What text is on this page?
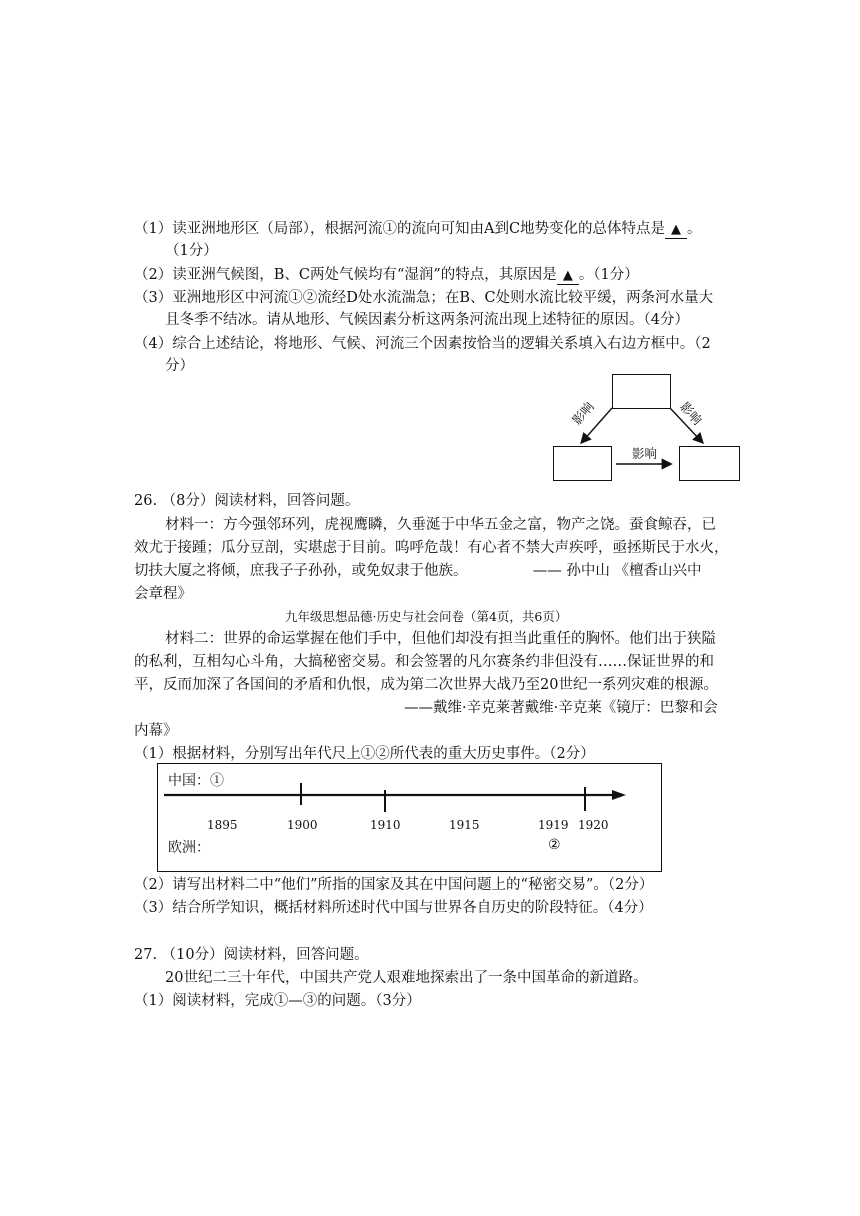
（1）读亚洲地形区（局部），根据河流①的流向可知由A到C地势变化的总体特点是 ▲ 。
（1分）
（2）读亚洲气候图，B、C两处气候均有“湿润”的特点，其原因是 ▲ 。（1分）
（3）亚洲地形区中河流①②流经D处水流湍急；在B、C处则水流比较平缓，两条河水量大
且冬季不结冰。请从地形、气候因素分析这两条河流出现上述特征的原因。（4分）
（4）综合上述结论，将地形、气候、河流三个因素按恰当的逻辑关系填入右边方框中。（2
分）
影响	影响
影响
26. （8分）阅读材料，回答问题。
材料一：方今强邻环列，虎视鹰瞵，久垂涎于中华五金之富，物产之饶。蚕食鲸吞，已
效尤于接踵；瓜分豆剖，实堪虑于目前。呜呼危哉！有心者不禁大声疾呼，亟拯斯民于水火，
切扶大厦之将倾，庶我子子孙孙，或免奴隶于他族。　　　　　—— 孙中山 《檀香山兴中
会章程》
九年级思想品德·历史与社会问卷（第4页，共6页）
材料二：世界的命运掌握在他们手中，但他们却没有担当此重任的胸怀。他们出于狭隘
的私利，互相勾心斗角，大搞秘密交易。和会签署的凡尔赛条约非但没有……保证世界的和
平，反而加深了各国间的矛盾和仇恨，成为第二次世界大战乃至20世纪一系列灾难的根源。
——戴维·辛克莱著戴维·辛克莱《镜厅：巴黎和会
内幕》
（1）根据材料，分别写出年代尺上①②所代表的重大历史事件。（2分）
中国：①
1895	1900	1910	1915	1919 1920
欧洲：	②
（2）请写出材料二中“他们”所指的国家及其在中国问题上的“秘密交易”。（2分）
（3）结合所学知识，概括材料所述时代中国与世界各自历史的阶段特征。（4分）
27. （10分）阅读材料，回答问题。
20世纪二三十年代，中国共产党人艰难地探索出了一条中国革命的新道路。
（1）阅读材料，完成①—③的问题。（3分）
